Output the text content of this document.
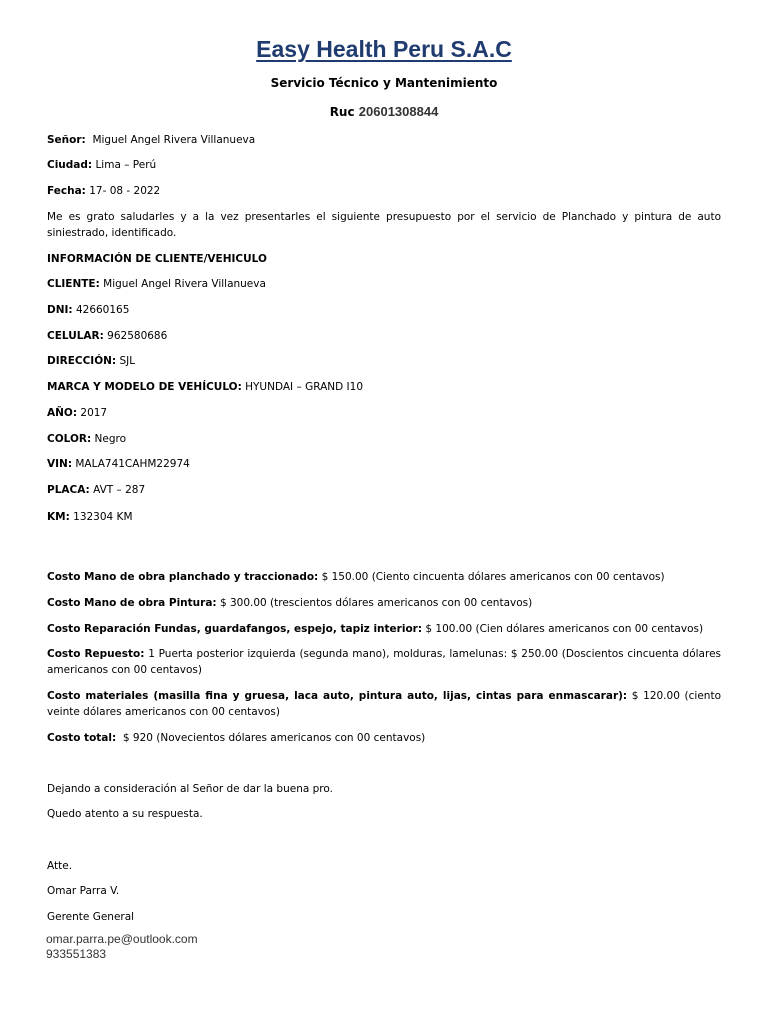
Easy Health Peru S.A.C
Servicio Técnico y Mantenimiento
Ruc 20601308844
Señor: Miguel Angel Rivera Villanueva
Ciudad: Lima – Perú
Fecha: 17- 08 - 2022
Me es grato saludarles y a la vez presentarles el siguiente presupuesto por el servicio de Planchado y pintura de auto siniestrado, identificado.
INFORMACIÓN DE CLIENTE/VEHICULO
CLIENTE: Miguel Angel Rivera Villanueva
DNI: 42660165
CELULAR: 962580686
DIRECCIÓN: SJL
MARCA Y MODELO DE VEHÍCULO: HYUNDAI – GRAND I10
AÑO: 2017
COLOR: Negro
VIN: MALA741CAHM22974
PLACA: AVT – 287
KM: 132304 KM
Costo Mano de obra planchado y traccionado: $ 150.00 (Ciento cincuenta dólares americanos con 00 centavos)
Costo Mano de obra Pintura: $ 300.00 (trescientos dólares americanos con 00 centavos)
Costo Reparación Fundas, guardafangos, espejo, tapiz interior: $ 100.00 (Cien dólares americanos con 00 centavos)
Costo Repuesto: 1 Puerta posterior izquierda (segunda mano), molduras, lamelunas: $ 250.00 (Doscientos cincuenta dólares americanos con 00 centavos)
Costo materiales (masilla fina y gruesa, laca auto, pintura auto, lijas, cintas para enmascarar): $ 120.00 (ciento veinte dólares americanos con 00 centavos)
Costo total: $ 920 (Novecientos dólares americanos con 00 centavos)
Dejando a consideración al Señor de dar la buena pro.
Quedo atento a su respuesta.
Atte.
Omar Parra V.
Gerente General
omar.parra.pe@outlook.com
933551383
